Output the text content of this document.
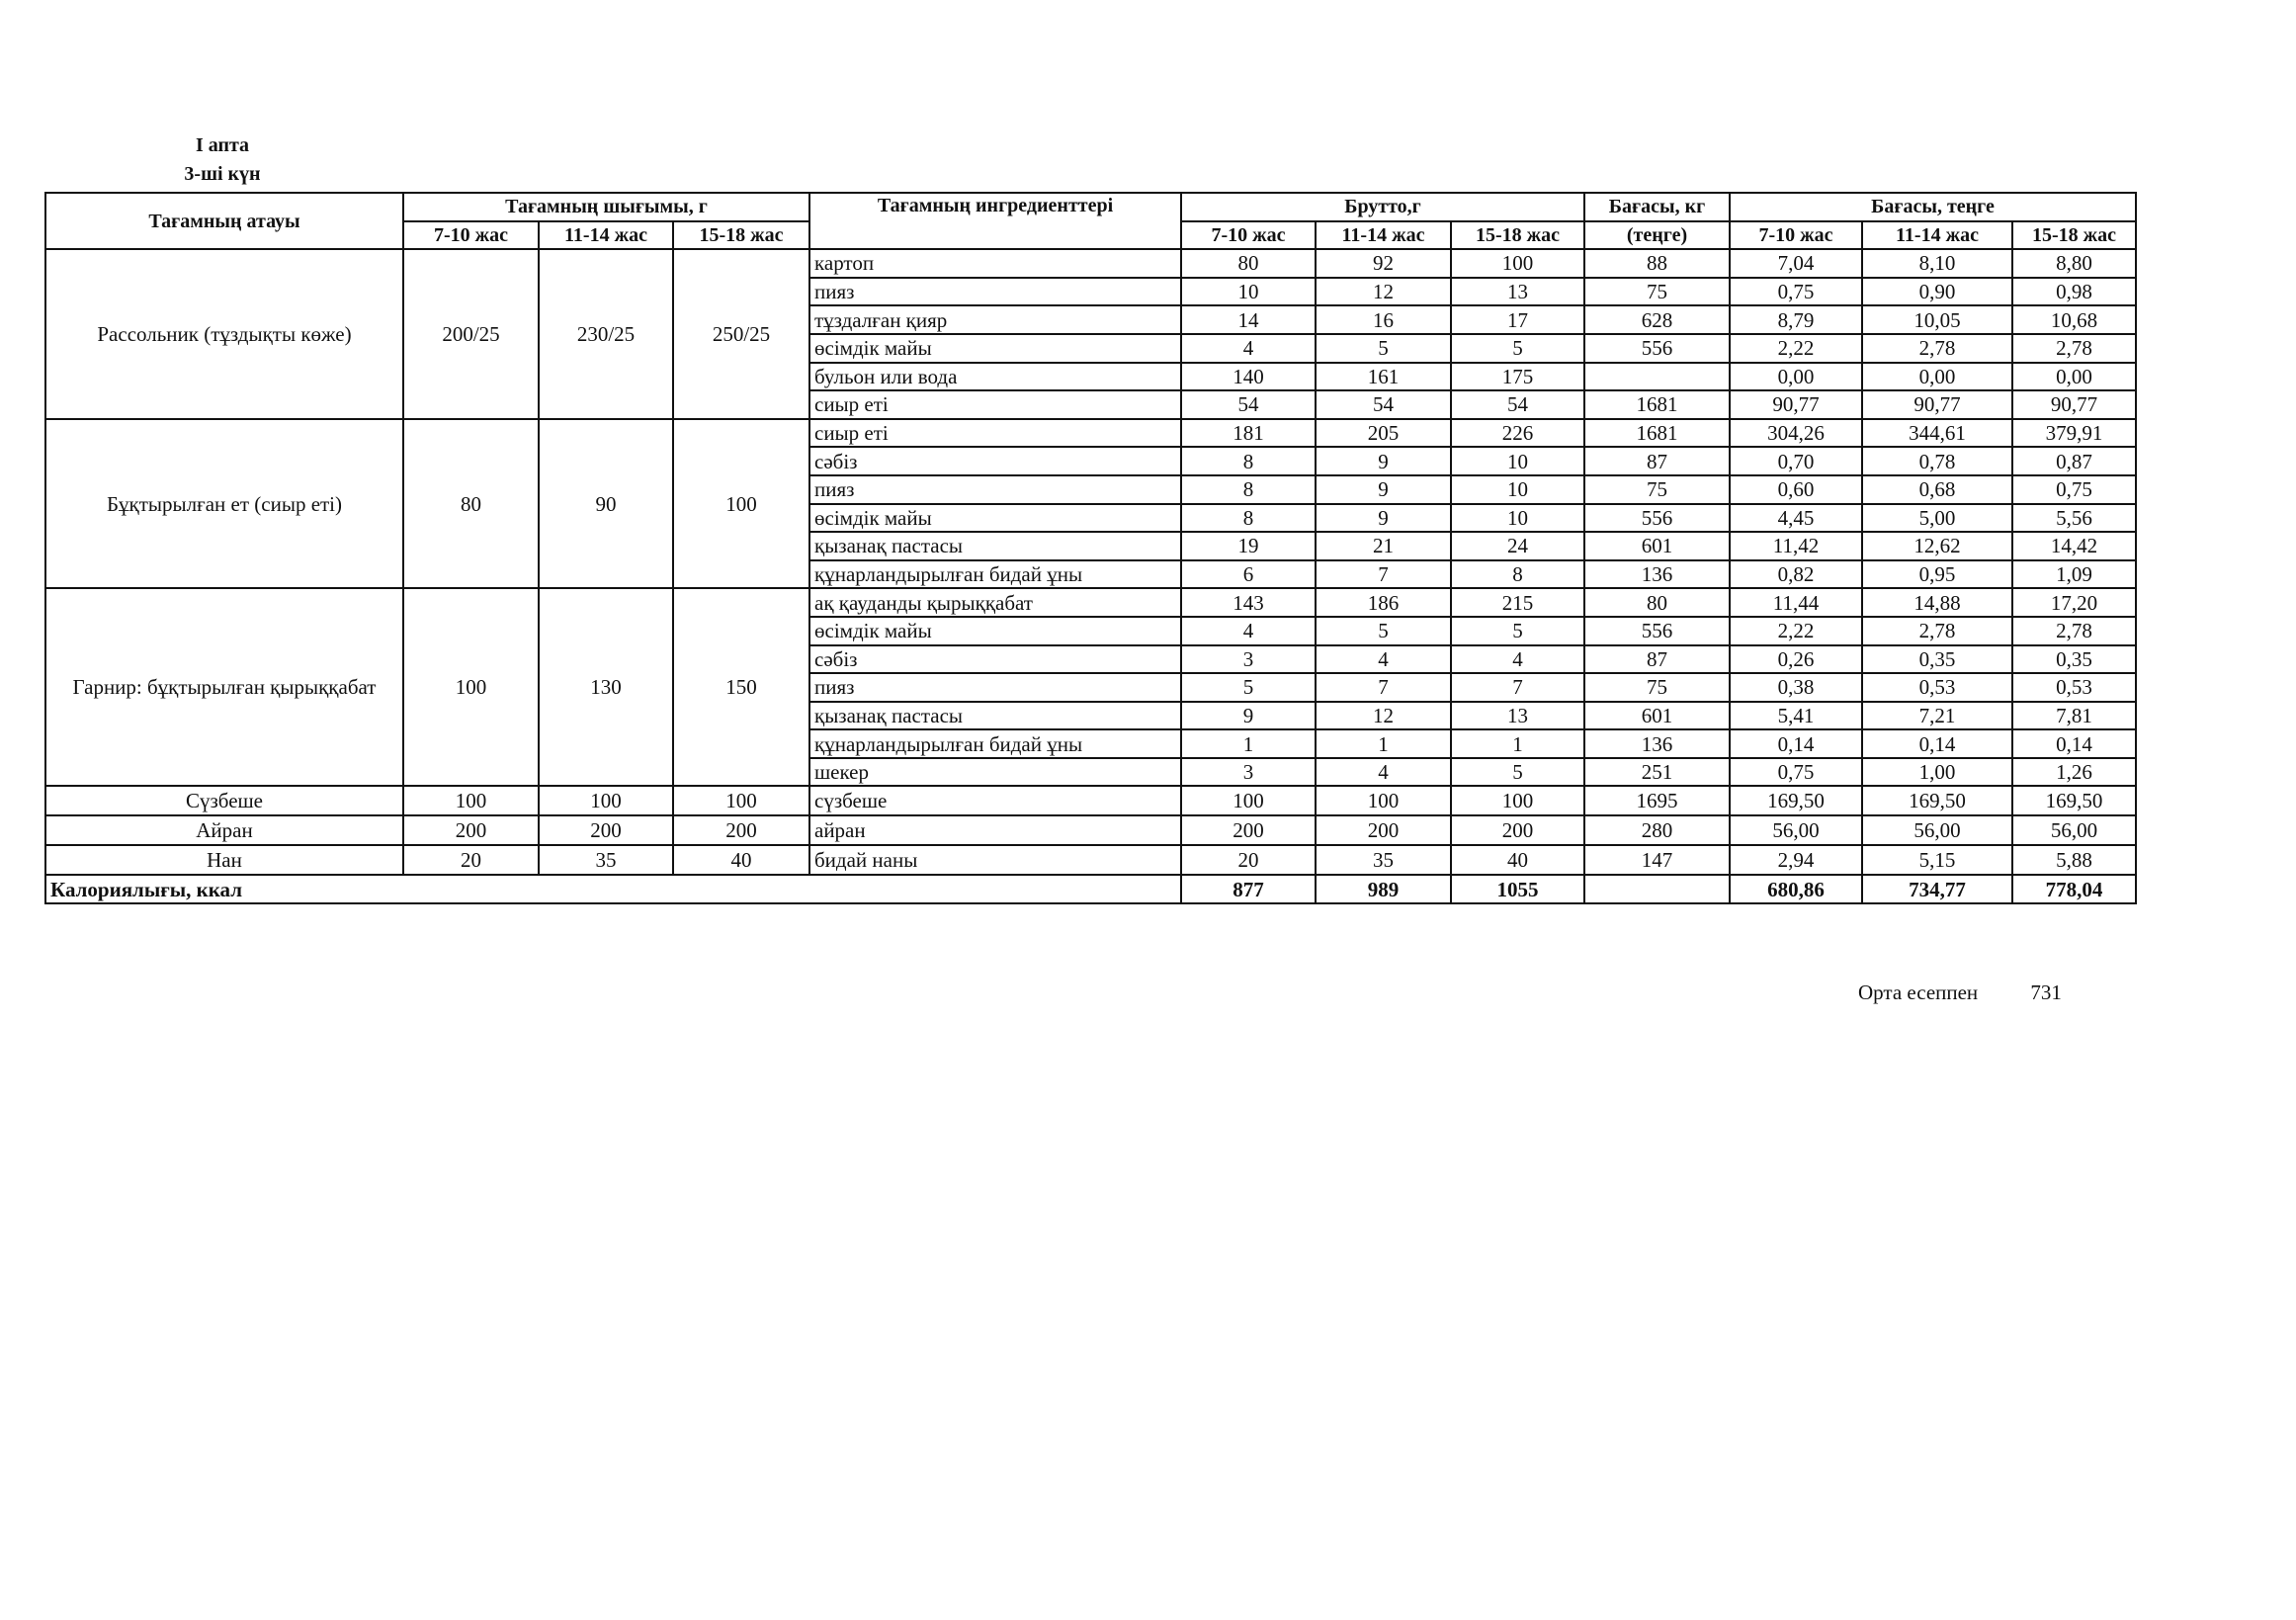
I апта
3-ші күн
Тағамның атауы	Тағамның шығымы, г			Тағамның ингредиенттері	Брутто,г			Бағасы, кг	Бағасы, теңге		
	7-10 жас	11-14 жас	15-18 жас		7-10 жас	11-14 жас	15-18 жас	(теңге)	7-10 жас	11-14 жас	15-18 жас
Рассольник (тұздықты көже)	200/25	230/25	250/25	картоп	80	92	100	88	7,04	8,10	8,80
				пияз	10	12	13	75	0,75	0,90	0,98
				тұздалған қияр	14	16	17	628	8,79	10,05	10,68
				өсімдік майы	4	5	5	556	2,22	2,78	2,78
				бульон или вода	140	161	175		0,00	0,00	0,00
				сиыр еті	54	54	54	1681	90,77	90,77	90,77
Бұқтырылған ет (сиыр еті)	80	90	100	сиыр еті	181	205	226	1681	304,26	344,61	379,91
				сәбіз	8	9	10	87	0,70	0,78	0,87
				пияз	8	9	10	75	0,60	0,68	0,75
				өсімдік майы	8	9	10	556	4,45	5,00	5,56
				қызанақ пастасы	19	21	24	601	11,42	12,62	14,42
				құнарландырылған бидай ұны	6	7	8	136	0,82	0,95	1,09
Гарнир: бұқтырылған қырыққабат	100	130	150	ақ қауданды қырыққабат	143	186	215	80	11,44	14,88	17,20
				өсімдік майы	4	5	5	556	2,22	2,78	2,78
				сәбіз	3	4	4	87	0,26	0,35	0,35
				пияз	5	7	7	75	0,38	0,53	0,53
				қызанақ пастасы	9	12	13	601	5,41	7,21	7,81
				құнарландырылған бидай ұны	1	1	1	136	0,14	0,14	0,14
				шекер	3	4	5	251	0,75	1,00	1,26
Сүзбеше	100	100	100	сүзбеше	100	100	100	1695	169,50	169,50	169,50
Айран	200	200	200	айран	200	200	200	280	56,00	56,00	56,00
Нан	20	35	40	бидай наны	20	35	40	147	2,94	5,15	5,88
Калориялығы, ккал					877	989	1055		680,86	734,77	778,04
Орта есеппен	731
